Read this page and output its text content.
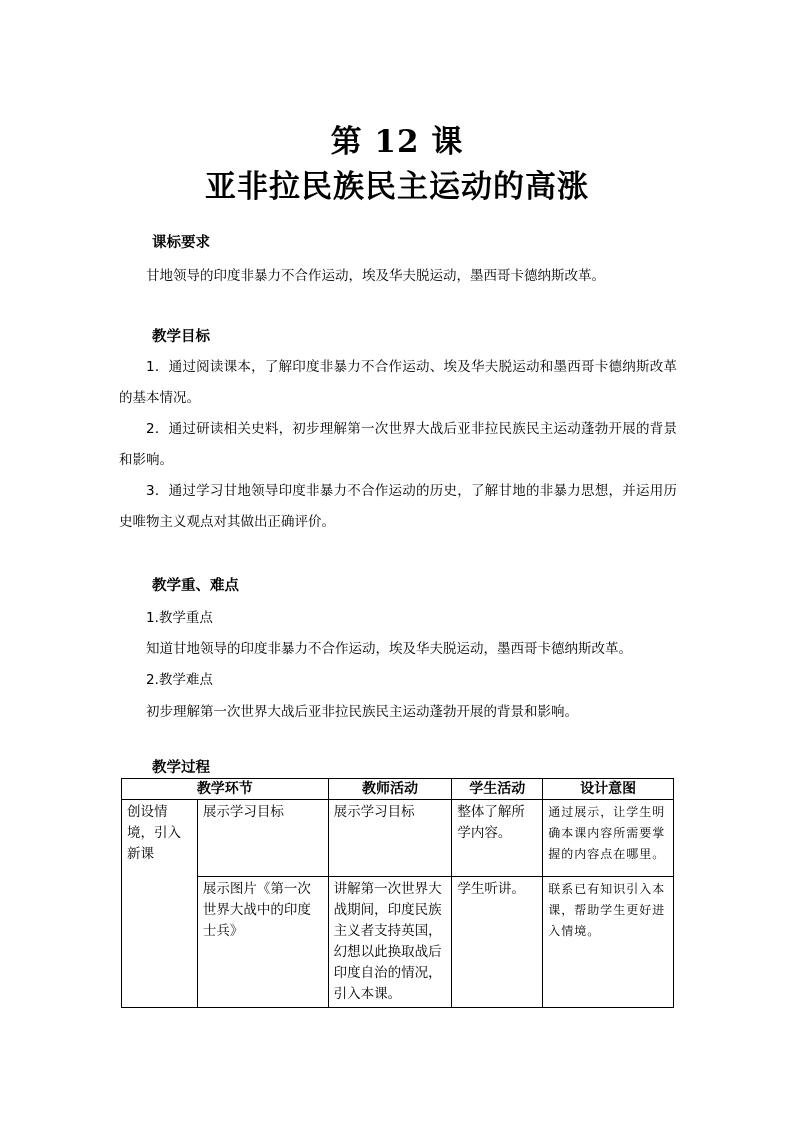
第 12 课
亚非拉民族民主运动的高涨
课标要求
甘地领导的印度非暴力不合作运动，埃及华夫脱运动，墨西哥卡德纳斯改革。
教学目标
1．通过阅读课本，了解印度非暴力不合作运动、埃及华夫脱运动和墨西哥卡德纳斯改革的基本情况。
2．通过研读相关史料，初步理解第一次世界大战后亚非拉民族民主运动蓬勃开展的背景和影响。
3．通过学习甘地领导印度非暴力不合作运动的历史，了解甘地的非暴力思想，并运用历史唯物主义观点对其做出正确评价。
教学重、难点
1.教学重点
知道甘地领导的印度非暴力不合作运动，埃及华夫脱运动，墨西哥卡德纳斯改革。
2.教学难点
初步理解第一次世界大战后亚非拉民族民主运动蓬勃开展的背景和影响。
教学过程
教学环节		教师活动	学生活动	设计意图
创设情境，引入新课	展示学习目标	展示学习目标	整体了解所学内容。	通过展示，让学生明确本课内容所需要掌握的内容点在哪里。
	展示图片《第一次世界大战中的印度士兵》	讲解第一次世界大战期间，印度民族主义者支持英国，幻想以此换取战后印度自治的情况，引入本课。	学生听讲。	联系已有知识引入本课，帮助学生更好进入情境。
